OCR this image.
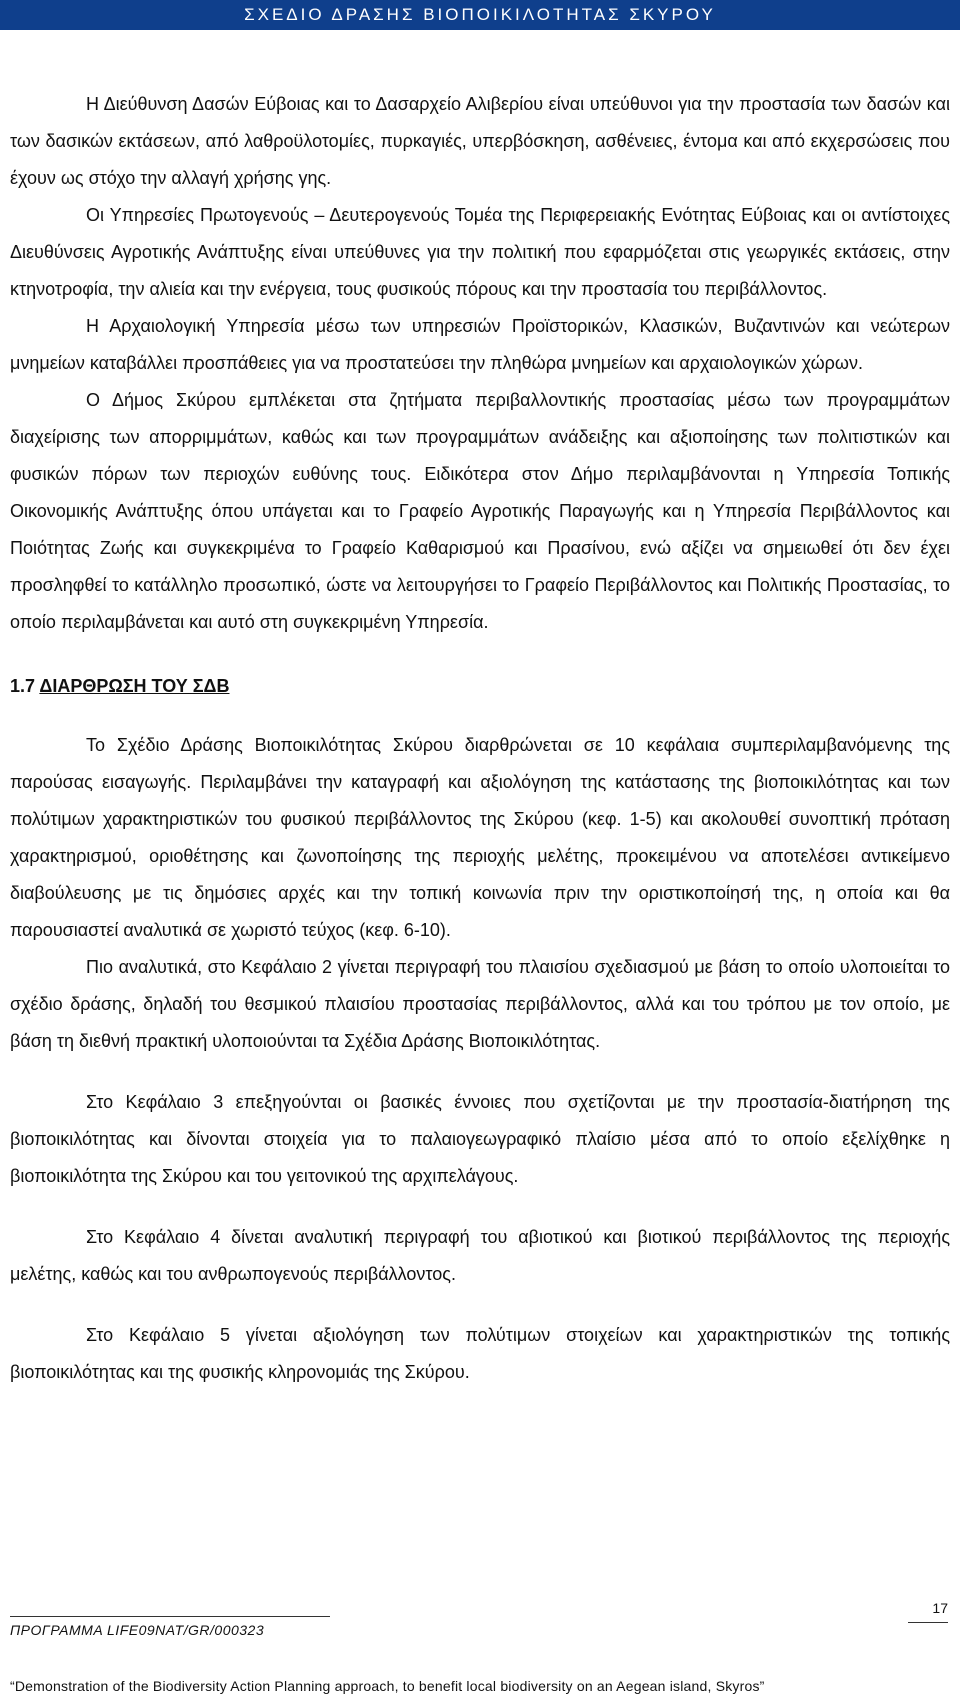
ΣΧΕΔΙΟ ΔΡΑΣΗΣ ΒΙΟΠΟΙΚΙΛΟΤΗΤΑΣ ΣΚΥΡΟΥ

Η Διεύθυνση Δασών Εύβοιας και το Δασαρχείο Αλιβερίου είναι υπεύθυνοι για την προστασία των δασών και των δασικών εκτάσεων, από λαθροϋλοτομίες, πυρκαγιές, υπερβόσκηση, ασθένειες, έντομα και από εκχερσώσεις που έχουν ως στόχο την αλλαγή χρήσης γης.

Οι Υπηρεσίες Πρωτογενούς – Δευτερογενούς Τομέα της Περιφερειακής Ενότητας Εύβοιας και οι αντίστοιχες Διευθύνσεις Αγροτικής Ανάπτυξης είναι υπεύθυνες για την πολιτική που εφαρμόζεται στις γεωργικές εκτάσεις, στην κτηνοτροφία, την αλιεία και την ενέργεια, τους φυσικούς πόρους και την προστασία του περιβάλλοντος.

Η Αρχαιολογική Υπηρεσία μέσω των υπηρεσιών Προϊστορικών, Κλασικών, Βυζαντινών και νεώτερων μνημείων καταβάλλει προσπάθειες για να προστατεύσει την πληθώρα μνημείων και αρχαιολογικών χώρων.

Ο Δήμος Σκύρου εμπλέκεται στα ζητήματα περιβαλλοντικής προστασίας μέσω των προγραμμάτων διαχείρισης των απορριμμάτων, καθώς και των προγραμμάτων ανάδειξης και αξιοποίησης των πολιτιστικών και φυσικών πόρων των περιοχών ευθύνης τους. Ειδικότερα στον Δήμο περιλαμβάνονται η Υπηρεσία Τοπικής Οικονομικής Ανάπτυξης όπου υπάγεται και το Γραφείο Αγροτικής Παραγωγής και η Υπηρεσία Περιβάλλοντος και Ποιότητας Ζωής και συγκεκριμένα το Γραφείο Καθαρισμού και Πρασίνου, ενώ αξίζει να σημειωθεί ότι δεν έχει προσληφθεί το κατάλληλο προσωπικό, ώστε να λειτουργήσει το Γραφείο Περιβάλλοντος και Πολιτικής Προστασίας, το οποίο περιλαμβάνεται και αυτό στη συγκεκριμένη Υπηρεσία.

1.7 ΔΙΑΡΘΡΩΣΗ ΤΟΥ ΣΔΒ

Το Σχέδιο Δράσης Βιοποικιλότητας Σκύρου διαρθρώνεται σε 10 κεφάλαια συμπεριλαμβανόμενης της παρούσας εισαγωγής. Περιλαμβάνει την καταγραφή και αξιολόγηση της κατάστασης της βιοποικιλότητας και των πολύτιμων χαρακτηριστικών του φυσικού περιβάλλοντος της Σκύρου (κεφ. 1-5) και ακολουθεί συνοπτική πρόταση χαρακτηρισμού, οριοθέτησης και ζωνοποίησης της περιοχής μελέτης, προκειμένου να αποτελέσει αντικείμενο διαβούλευσης με τις δημόσιες αρχές και την τοπική κοινωνία πριν την οριστικοποίησή της, η οποία και θα παρουσιαστεί αναλυτικά σε χωριστό τεύχος (κεφ. 6-10).

Πιο αναλυτικά, στο Κεφάλαιο 2 γίνεται περιγραφή του πλαισίου σχεδιασμού με βάση το οποίο υλοποιείται το σχέδιο δράσης, δηλαδή του θεσμικού πλαισίου προστασίας περιβάλλοντος, αλλά και του τρόπου με τον οποίο, με βάση τη διεθνή πρακτική υλοποιούνται τα Σχέδια Δράσης Βιοποικιλότητας.

Στο Κεφάλαιο 3 επεξηγούνται οι βασικές έννοιες που σχετίζονται με την προστασία-διατήρηση της βιοποικιλότητας και δίνονται στοιχεία για το παλαιογεωγραφικό πλαίσιο μέσα από το οποίο εξελίχθηκε η βιοποικιλότητα της Σκύρου και του γειτονικού της αρχιπελάγους.

Στο Κεφάλαιο 4 δίνεται αναλυτική περιγραφή του αβιοτικού και βιοτικού περιβάλλοντος της περιοχής μελέτης, καθώς και του ανθρωπογενούς περιβάλλοντος.

Στο Κεφάλαιο 5 γίνεται αξιολόγηση των πολύτιμων στοιχείων και χαρακτηριστικών της τοπικής βιοποικιλότητας και της φυσικής κληρονομιάς της Σκύρου.

17
ΠΡΟΓΡΑΜΜΑ LIFE09NAT/GR/000323
“Demonstration of the Biodiversity Action Planning approach, to benefit local biodiversity on an Aegean island, Skyros”
